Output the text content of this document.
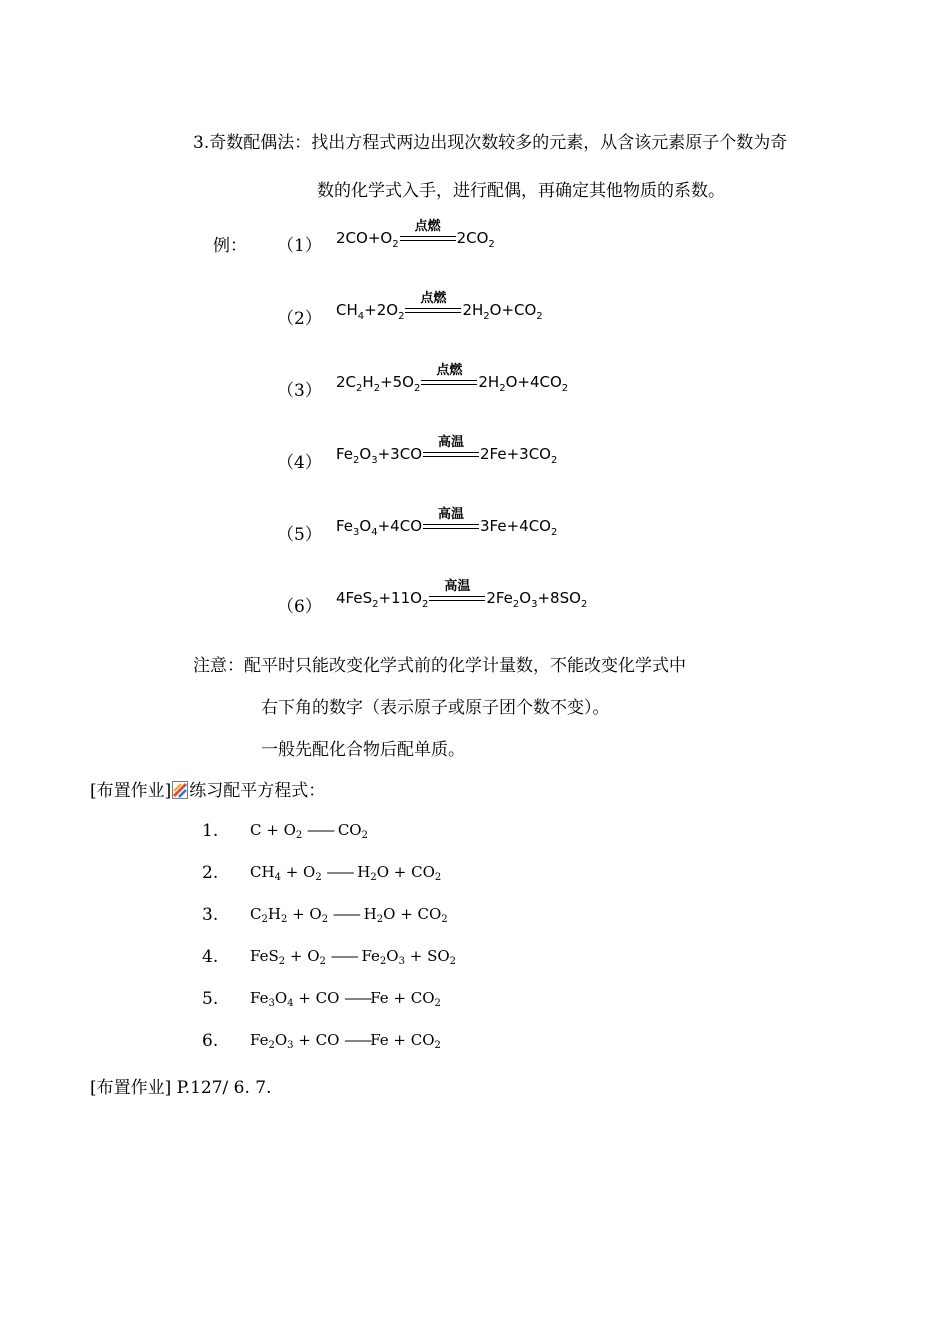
3.奇数配偶法：找出方程式两边出现次数较多的元素，从含该元素原子个数为奇
数的化学式入手，进行配偶，再确定其他物质的系数。
例： （1） $2CO+O_2$
点燃
$2CO_2$
（2） $CH_4+2O_2$
点燃
$2H_2O+CO_2$
（3） $2C_2H_2+5O_2$
点燃
$2H_2O+4CO_2$
（4） $Fe_2O_3+3CO$
高温
$2Fe+3CO_2$
（5） $Fe_3O_4+4CO$
高温
$3Fe+4CO_2$
（6） $4FeS_2+11O_2$
高温
$2Fe_2O_3+8SO_2$
注意：配平时只能改变化学式前的化学计量数，不能改变化学式中
右下角的数字（表示原子或原子团个数不变）。
一般先配化合物后配单质。
[布置作业] 练习配平方程式：
1. $C + O_2$ —— $CO_2$
2. $CH_4 + O_2$ —— $H_2O + CO_2$
3. $C_2H_2 + O_2$ —— $H_2O + CO_2$
4. $FeS_2 + O_2$ —— $Fe_2O_3 + SO_2$
5. $Fe_3O_4$ + CO ——Fe + $CO_2$
6. $Fe_2O_3$ + CO ——Fe + $CO_2$
[布置作业] P.127/ 6. 7.
